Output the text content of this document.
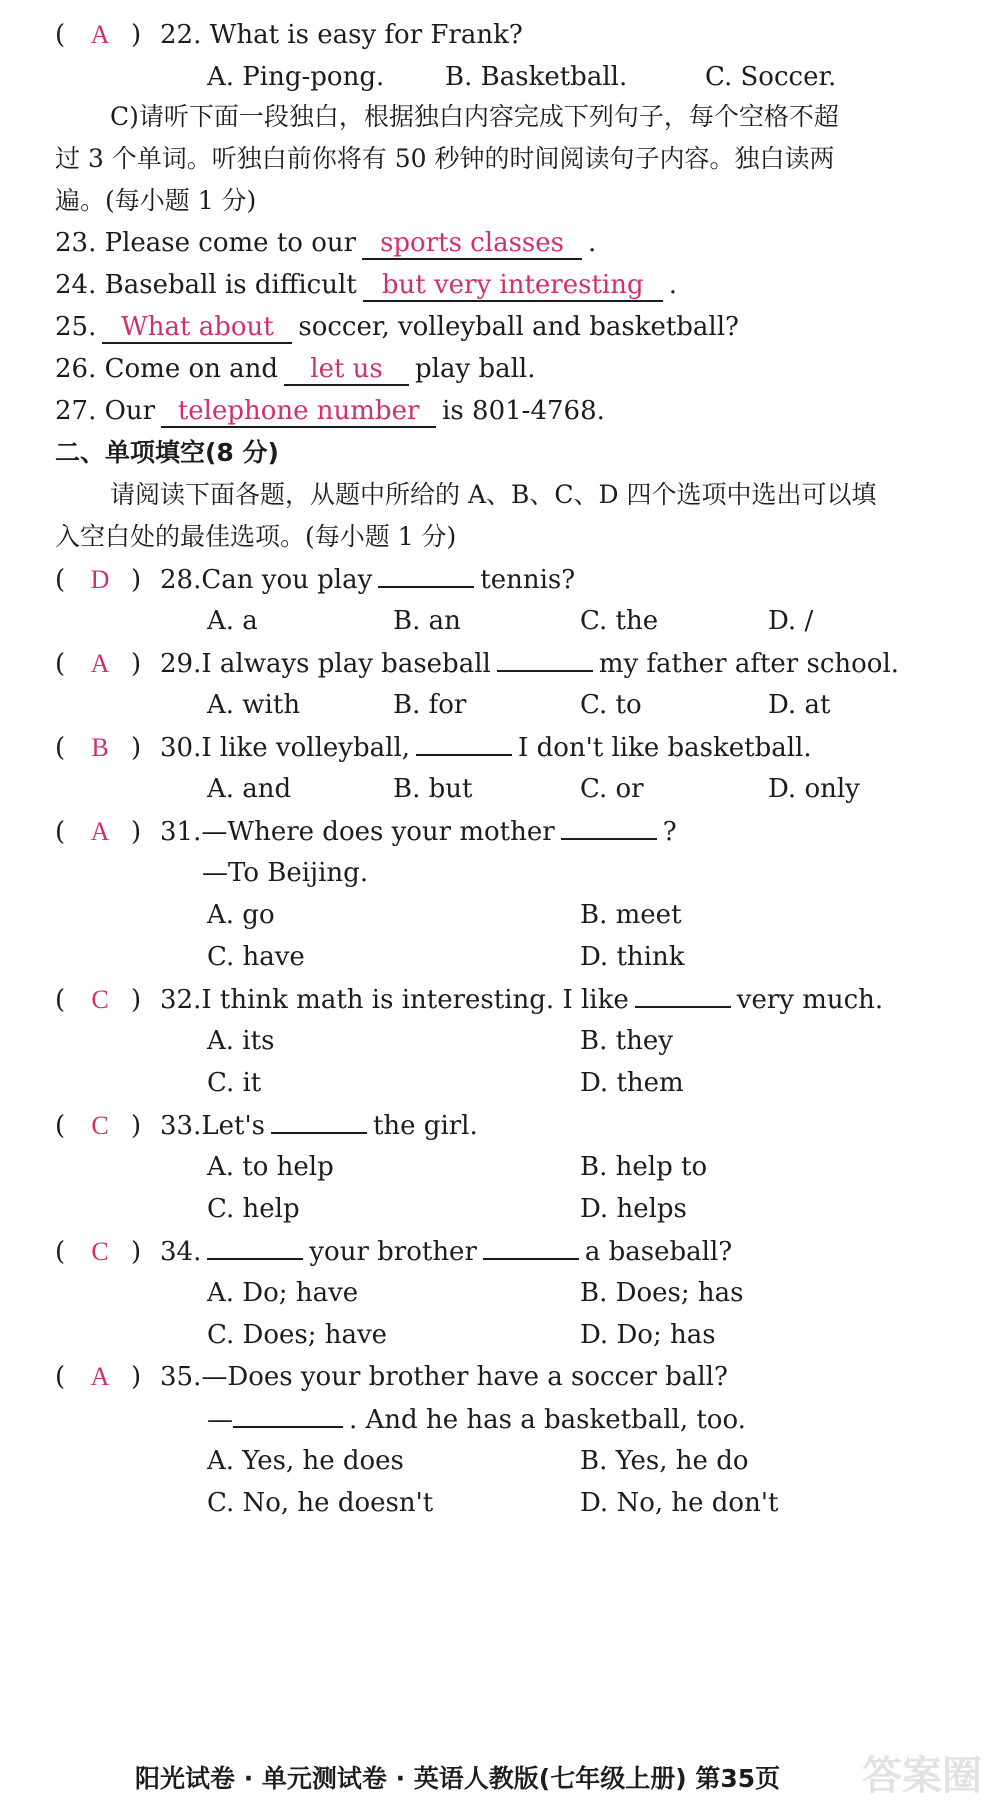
( A ) 22. What is easy for Frank?
A. Ping-pong. B. Basketball.	C. Soccer.
C)请听下面一段独白，根据独白内容完成下列句子，每个空格不超
过 3 个单词。听独白前你将有 50 秒钟的时间阅读句子内容。独白读两
遍。(每小题 1 分)
23. Please come to our sports classes .
24. Baseball is difficult but very interesting .
25. What about soccer, volleyball and basketball?
26. Come on and let us play ball.
27. Our telephone number is 801-4768.
二、单项填空(8 分)
请阅读下面各题，从题中所给的 A、B、C、D 四个选项中选出可以填
入空白处的最佳选项。(每小题 1 分)
( D ) 28.Can you play	tennis?
A. a	B. an	C. the	D. /
( A ) 29.I always play baseball	my father after school.
A. with	B. for	C. to	D. at
( B ) 30.I like volleyball,	I don't like basketball.
A. and	B. but	C. or	D. only
( A ) 31.—Where does your mother	?
—To Beijing.
A. go	B. meet
C. have	D. think
( C ) 32.I think math is interesting. I like	very much.
A. its	B. they
C. it	D. them
( C ) 33.Let's	the girl.
A. to help	B. help to
C. help	D. helps
( C ) 34.	your brother	a baseball?
A. Do; have	B. Does; has
C. Does; have	D. Do; has
( A ) 35.—Does your brother have a soccer ball?
—	. And he has a basketball, too.
A. Yes, he does	B. Yes, he do
C. No, he doesn't	D. No, he don't
阳光试卷 · 单元测试卷 · 英语人教版(七年级上册) 第35页 答案圈
